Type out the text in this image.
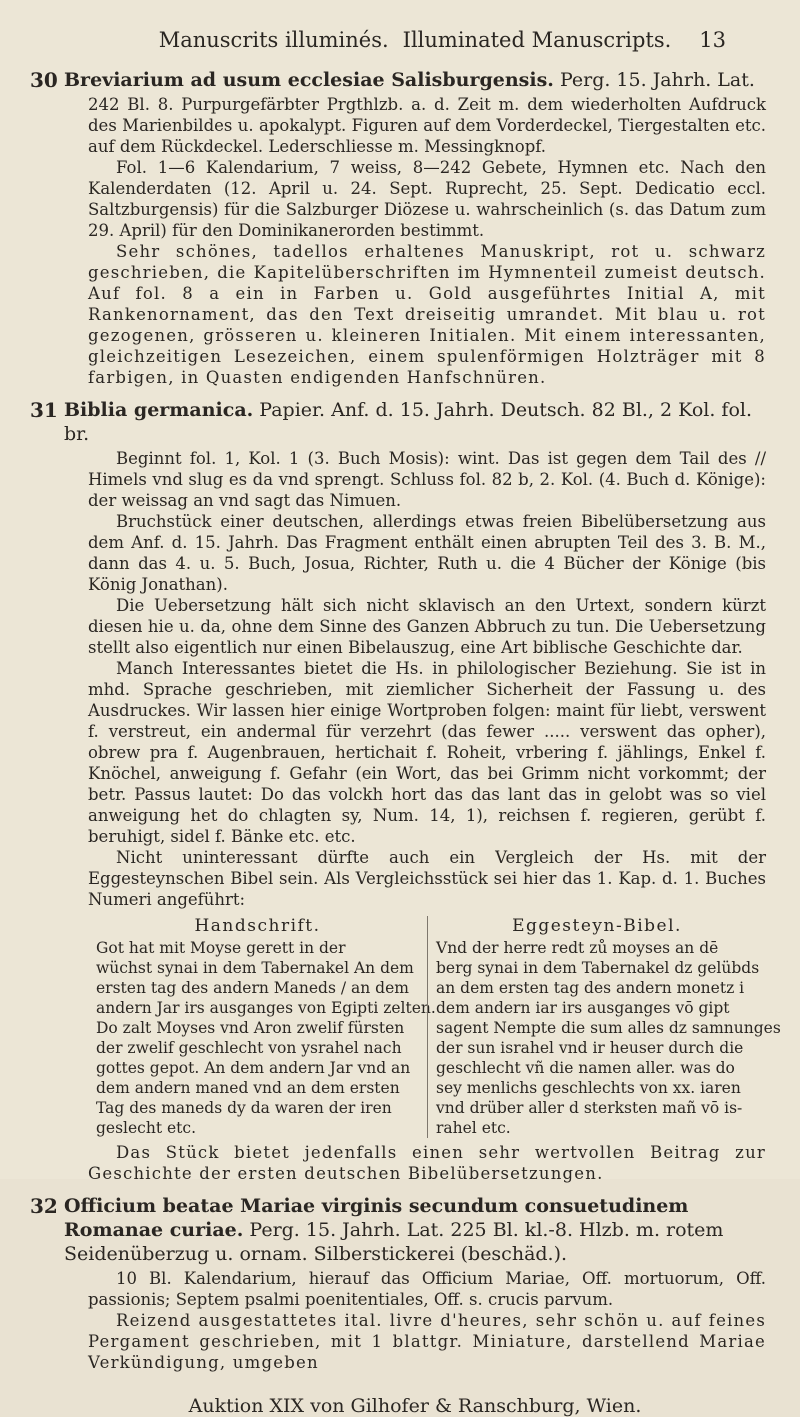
Manuscrits illuminés. Illuminated Manuscripts. 13
30 Breviarium ad usum ecclesiae Salisburgensis. Perg. 15. Jahrh. Lat.

242 Bl. 8. Purpurgefärbter Prgthlzb. a. d. Zeit m. dem wiederholten Aufdruck des Marienbildes u. apokalypt. Figuren auf dem Vorderdeckel, Tiergestalten etc. auf dem Rückdeckel. Lederschliesse m. Messingknopf.

Fol. 1—6 Kalendarium, 7 weiss, 8—242 Gebete, Hymnen etc. Nach den Kalenderdaten (12. April u. 24. Sept. Ruprecht, 25. Sept. Dedicatio eccl. Saltzburgensis) für die Salzburger Diözese u. wahrscheinlich (s. das Datum zum 29. April) für den Dominikanerorden bestimmt.

Sehr schönes, tadellos erhaltenes Manuskript, rot u. schwarz geschrieben, die Kapitelüberschriften im Hymnenteil zumeist deutsch. Auf fol. 8 a ein in Farben u. Gold ausgeführtes Initial A, mit Rankenornament, das den Text dreiseitig umrandet. Mit blau u. rot gezogenen, grösseren u. kleineren Initialen. Mit einem interessanten, gleichzeitigen Lesezeichen, einem spulenförmigen Holzträger mit 8 farbigen, in Quasten endigenden Hanfschnüren.

31 Biblia germanica. Papier. Anf. d. 15. Jahrh. Deutsch. 82 Bl., 2 Kol. fol. br.

Beginnt fol. 1, Kol. 1 (3. Buch Mosis): wint. Das ist gegen dem Tail des // Himels vnd slug es da vnd sprengt. Schluss fol. 82 b, 2. Kol. (4. Buch d. Könige): der weissag an vnd sagt das Nimuen.

Bruchstück einer deutschen, allerdings etwas freien Bibelübersetzung aus dem Anf. d. 15. Jahrh. Das Fragment enthält einen abrupten Teil des 3. B. M., dann das 4. u. 5. Buch, Josua, Richter, Ruth u. die 4 Bücher der Könige (bis König Jonathan).

Die Uebersetzung hält sich nicht sklavisch an den Urtext, sondern kürzt diesen hie u. da, ohne dem Sinne des Ganzen Abbruch zu tun. Die Uebersetzung stellt also eigentlich nur einen Bibelauszug, eine Art biblische Geschichte dar.

Manch Interessantes bietet die Hs. in philologischer Beziehung. Sie ist in mhd. Sprache geschrieben, mit ziemlicher Sicherheit der Fassung u. des Ausdruckes. Wir lassen hier einige Wortproben folgen: maint für liebt, verswent f. verstreut, ein andermal für verzehrt (das fewer ..... verswent das opher), obrew pra f. Augenbrauen, hertichait f. Roheit, vrbering f. jählings, Enkel f. Knöchel, anweigung f. Gefahr (ein Wort, das bei Grimm nicht vorkommt; der betr. Passus lautet: Do das volckh hort das das lant das in gelobt was so viel anweigung het do chlagten sy, Num. 14, 1), reichsen f. regieren, gerübt f. beruhigt, sidel f. Bänke etc. etc.

Nicht uninteressant dürfte auch ein Vergleich der Hs. mit der Eggesteynschen Bibel sein. Als Vergleichsstück sei hier das 1. Kap. d. 1. Buches Numeri angeführt:

Handschrift.
Got hat mit Moyse gerett in der
wüchst synai in dem Tabernakel An dem
ersten tag des andern Maneds / an dem
andern Jar irs ausganges von Egipti zelten.
Do zalt Moyses vnd Aron zwelif fürsten
der zwelif geschlecht von ysrahel nach
gottes gepot. An dem andern Jar vnd an
dem andern maned vnd an dem ersten
Tag des maneds dy da waren der iren
geslecht etc.
Eggesteyn-Bibel.
Vnd der herre redt zů moyses an dē
berg synai in dem Tabernakel dz gelübds
an dem ersten tag des andern monetz i
dem andern iar irs ausganges vō gipt
sagent Nempte die sum alles dz samnunges
der sun israhel vnd ir heuser durch die
geschlecht vñ die namen aller. was do
sey menlichs geschlechts von xx. iaren
vnd drüber aller d sterksten mañ vō is-
rahel etc.

Das Stück bietet jedenfalls einen sehr wertvollen Beitrag zur Geschichte der ersten deutschen Bibelübersetzungen.

32 Officium beatae Mariae virginis secundum consuetudinem Romanae curiae. Perg. 15. Jahrh. Lat. 225 Bl. kl.-8. Hlzb. m. rotem Seidenüberzug u. ornam. Silberstickerei (beschäd.).

10 Bl. Kalendarium, hierauf das Officium Mariae, Off. mortuorum, Off. passionis; Septem psalmi poenitentiales, Off. s. crucis parvum.

Reizend ausgestattetes ital. livre d'heures, sehr schön u. auf feines Pergament geschrieben, mit 1 blattgr. Miniature, darstellend Mariae Verkündigung, umgeben

Auktion XIX von Gilhofer & Ranschburg, Wien.
